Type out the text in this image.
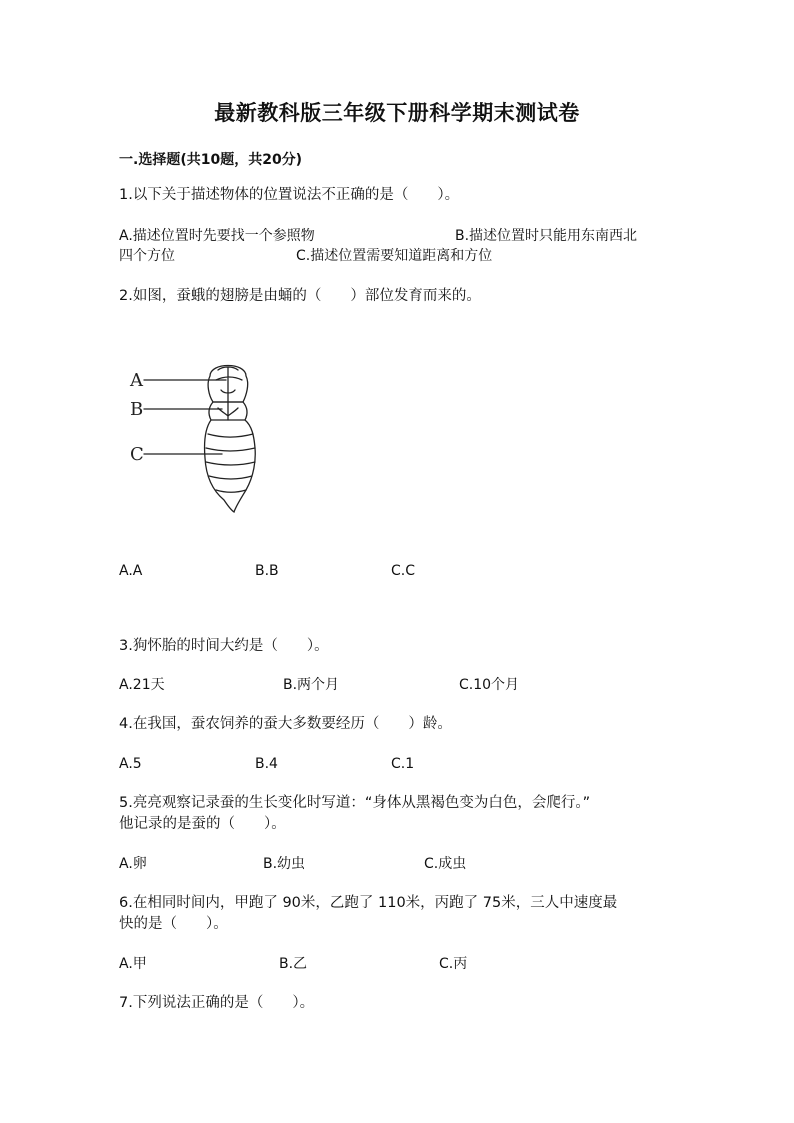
最新教科版三年级下册科学期末测试卷
一.选择题(共10题，共20分)
1.以下关于描述物体的位置说法不正确的是（　　）。
A.描述位置时先要找一个参照物	B.描述位置时只能用东南西北
四个方位	C.描述位置需要知道距离和方位
2.如图，蚕蛾的翅膀是由蛹的（　　）部位发育而来的。
A
B
C
A.A	B.B	C.C
3.狗怀胎的时间大约是（　　）。
A.21天	B.两个月	C.10个月
4.在我国，蚕农饲养的蚕大多数要经历（　　）龄。
A.5	B.4	C.1
5.亮亮观察记录蚕的生长变化时写道：“身体从黑褐色变为白色，会爬行。”
他记录的是蚕的（　　）。
A.卵	B.幼虫	C.成虫
6.在相同时间内，甲跑了 90米，乙跑了 110米，丙跑了 75米，三人中速度最
快的是（　　）。
A.甲	B.乙	C.丙
7.下列说法正确的是（　　）。
